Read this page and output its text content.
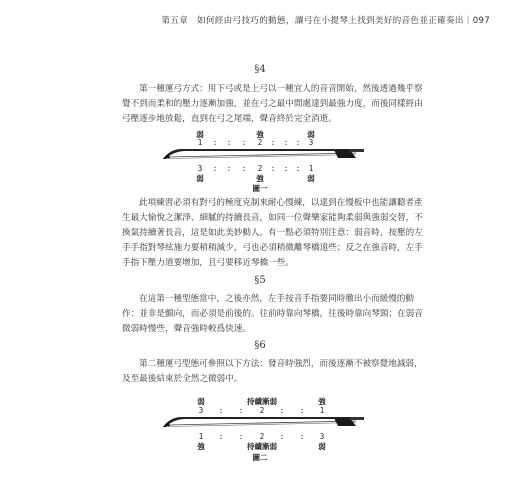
第五章　如何經由弓技巧的動態，讓弓在小提琴上找到美好的音色並正確奏出｜097
§4
第一種運弓方式：用下弓或是上弓以一種宜人的音音開始，然後透過幾乎察
覺不到而柔和的壓力逐漸加強，並在弓之最中間處達到最強力度，而後同樣經由
弓壓逐步地放鬆，直到在弓之尾端，聲音終於完全消逝。
弱	強	弱
1 : : : 2 : : : 3
3 : : : 2 : : : 1
弱	強	弱
圖一
此項練習必須有對弓的極度克制來耐心慢練，以達到在慢板中也能讓聽者產
生最大愉悅之潔淨、細膩的持續長音，如同一位聲樂家能夠柔弱與強弱交替，不
換氣持續著長音，這是如此美妙動人。有一點必須特別注意：弱音時，按壓的左
手手指對琴絃施力要稍稍減少，弓也必須稍微離琴橋遠些；反之在強音時，左手
手指下壓力道要增加，且弓要移近琴橋一些。
§5
在這第一種型態當中，之後亦然，左手按音手指要同時徹出小而緩慢的動
作：並非是顫向，而必須是前後的。往前時靠向琴橋，往後時靠向琴頸；在弱音
微弱時慢些，聲音強時較爲快速。
§6
第二種運弓型態可參照以下方法：發音時強烈，而後逐漸不被察覺地減弱，
及至最後結束於全然之微弱中。
弱	持續漸弱	強
3 : : 2 : : 1
1 : : 2 : : 3
強	持續漸弱	弱
圖二
